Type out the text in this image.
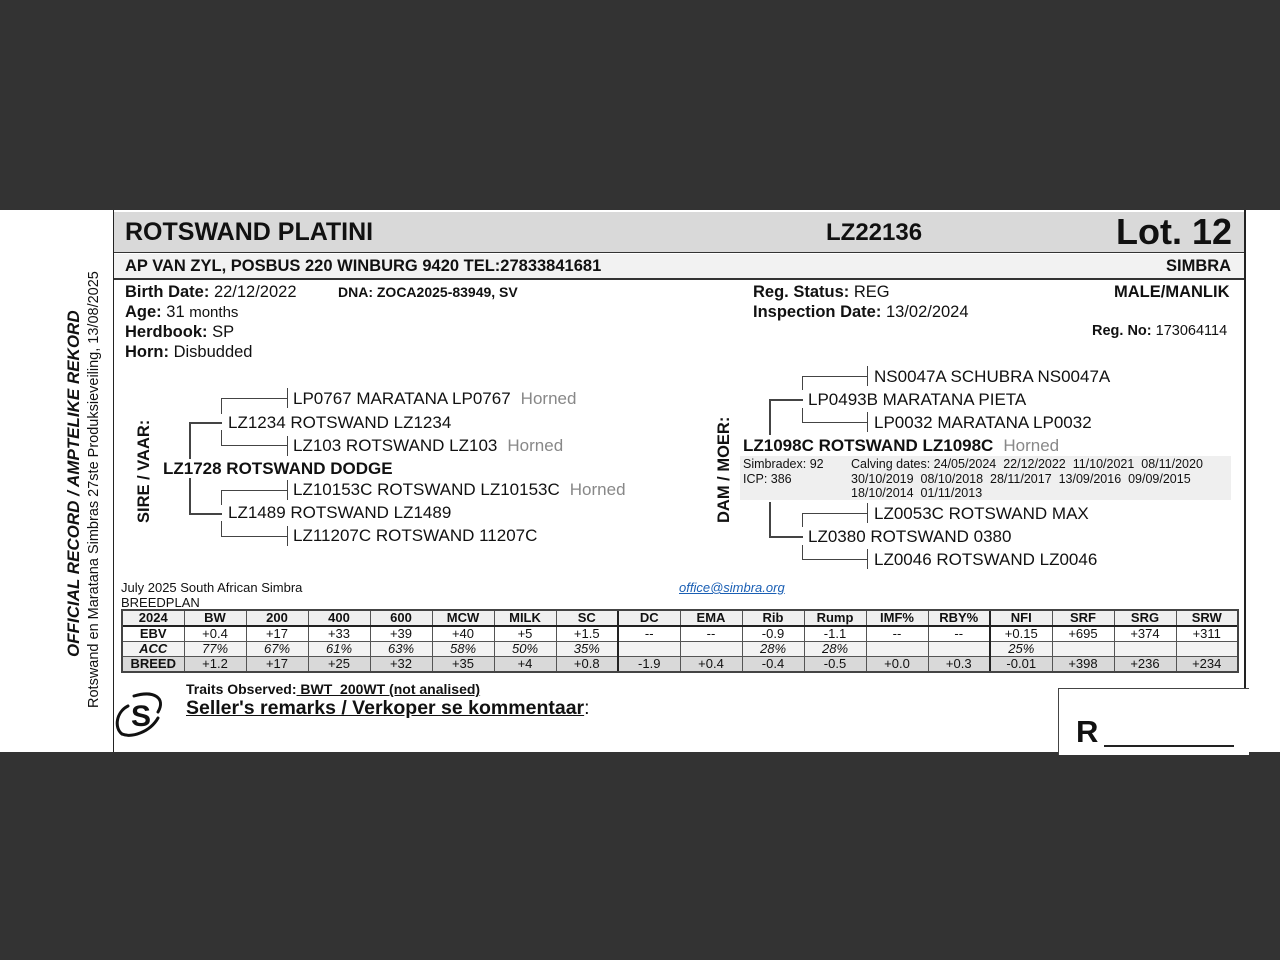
OFFICIAL RECORD / AMPTELIKE REKORD Rotswand en Maratana Simbras 27ste Produksieveiling, 13/08/2025
ROTSWAND PLATINI	LZ22136	Lot. 12
AP VAN ZYL, POSBUS 220 WINBURG 9420 TEL:27833841681	SIMBRA
Birth Date: 22/12/2022	DNA: ZOCA2025-83949, SV
Age: 31 months
Herdbook: SP
Horn: Disbudded
Reg. Status: REG
Inspection Date: 13/02/2024
MALE/MANLIK
Reg. No: 173064114
SIRE / VAAR:
LP0767 MARATANA LP0767 Horned
LZ1234 ROTSWAND LZ1234
LZ103 ROTSWAND LZ103 Horned
LZ1728 ROTSWAND DODGE
LZ10153C ROTSWAND LZ10153C Horned
LZ1489 ROTSWAND LZ1489
LZ11207C ROTSWAND 11207C
DAM / MOER:
NS0047A SCHUBRA NS0047A
LP0493B MARATANA PIETA
LP0032 MARATANA LP0032
LZ1098C ROTSWAND LZ1098C Horned
Simbradex: 92
ICP: 386
Calving dates: 24/05/2024  22/12/2022  11/10/2021  08/11/2020
30/10/2019  08/10/2018  28/11/2017  13/09/2016  09/09/2015
18/10/2014  01/11/2013
LZ0053C ROTSWAND MAX
LZ0380 ROTSWAND 0380
LZ0046 ROTSWAND LZ0046
July 2025 South African Simbra
BREEDPLAN
office@simbra.org
2024	BW	200	400	600	MCW	MILK	SC	DC	EMA	Rib	Rump	IMF%	RBY%	NFI	SRF	SRG	SRW
EBV	+0.4	+17	+33	+39	+40	+5	+1.5	--	--	-0.9	-1.1	--	--	+0.15	+695	+374	+311
ACC	77%	67%	61%	63%	58%	50%	35%			28%	28%			25%			
BREED	+1.2	+17	+25	+32	+35	+4	+0.8	-1.9	+0.4	-0.4	-0.5	+0.0	+0.3	-0.01	+398	+236	+234
S
Traits Observed: BWT  200WT (not analised)
Seller's remarks / Verkoper se kommentaar:
R
